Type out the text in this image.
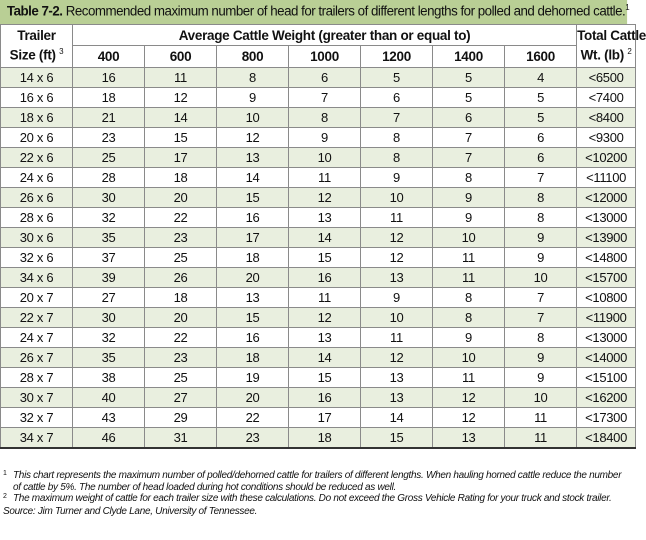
Table 7-2. Recommended maximum number of head for trailers of different lengths for polled and dehorned cattle.$^1$
Trailer
Size (ft) $^3$	Average Cattle Weight (greater than or equal to)							Total Cattle
Wt. (lb) $^2$
	400	600	800	1000	1200	1400	1600	
14 x 6	16	11	8	6	5	5	4	<6500
16 x 6	18	12	9	7	6	5	5	<7400
18 x 6	21	14	10	8	7	6	5	<8400
20 x 6	23	15	12	9	8	7	6	<9300
22 x 6	25	17	13	10	8	7	6	<10200
24 x 6	28	18	14	11	9	8	7	<11100
26 x 6	30	20	15	12	10	9	8	<12000
28 x 6	32	22	16	13	11	9	8	<13000
30 x 6	35	23	17	14	12	10	9	<13900
32 x 6	37	25	18	15	12	11	9	<14800
34 x 6	39	26	20	16	13	11	10	<15700
20 x 7	27	18	13	11	9	8	7	<10800
22 x 7	30	20	15	12	10	8	7	<11900
24 x 7	32	22	16	13	11	9	8	<13000
26 x 7	35	23	18	14	12	10	9	<14000
28 x 7	38	25	19	15	13	11	9	<15100
30 x 7	40	27	20	16	13	12	10	<16200
32 x 7	43	29	22	17	14	12	11	<17300
34 x 7	46	31	23	18	15	13	11	<18400
1 This chart represents the maximum number of polled/dehorned cattle for trailers of different lengths. When hauling horned cattle reduce the number of cattle by 5%. The number of head loaded during hot conditions should be reduced as well.
2 The maximum weight of cattle for each trailer size with these calculations. Do not exceed the Gross Vehicle Rating for your truck and stock trailer.
Source: Jim Turner and Clyde Lane, University of Tennessee.
